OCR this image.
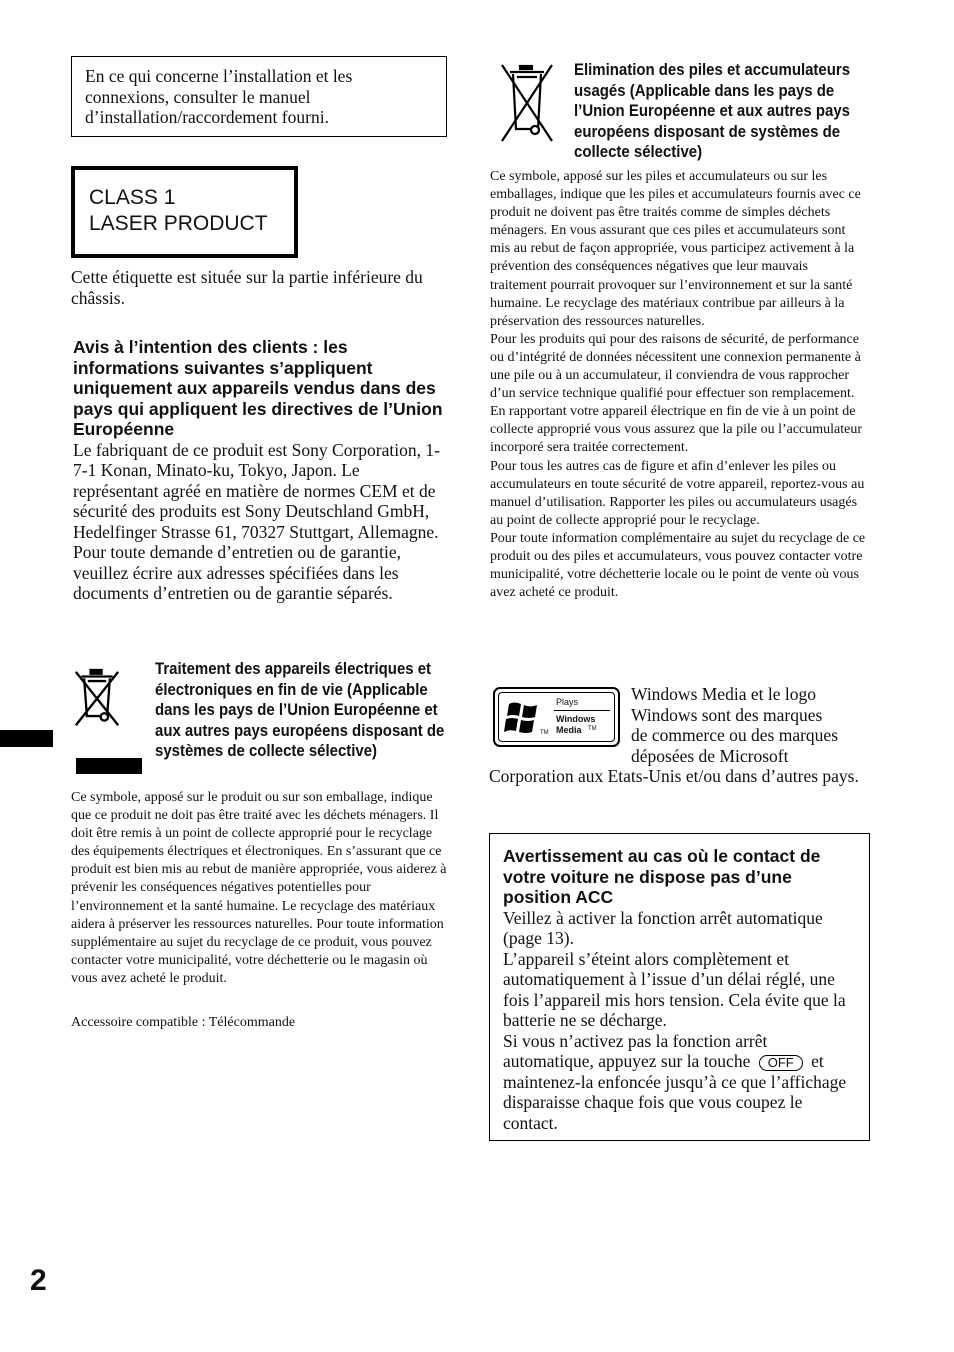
En ce qui concerne l’installation et les connexions, consulter le manuel d’installation/raccordement fourni.

CLASS 1
LASER PRODUCT

Cette étiquette est située sur la partie inférieure du châssis.

Avis à l’intention des clients : les informations suivantes s’appliquent uniquement aux appareils vendus dans des pays qui appliquent les directives de l’Union Européenne

Le fabriquant de ce produit est Sony Corporation, 1-7-1 Konan, Minato-ku, Tokyo, Japon. Le représentant agréé en matière de normes CEM et de sécurité des produits est Sony Deutschland GmbH, Hedelfinger Strasse 61, 70327 Stuttgart, Allemagne. Pour toute demande d’entretien ou de garantie, veuillez écrire aux adresses spécifiées dans les documents d’entretien ou de garantie séparés.

Traitement des appareils électriques et électroniques en fin de vie (Applicable dans les pays de l’Union Européenne et aux autres pays européens disposant de systèmes de collecte sélective)

Ce symbole, apposé sur le produit ou sur son emballage, indique que ce produit ne doit pas être traité avec les déchets ménagers. Il doit être remis à un point de collecte approprié pour le recyclage des équipements électriques et électroniques. En s’assurant que ce produit est bien mis au rebut de manière appropriée, vous aiderez à prévenir les conséquences négatives potentielles pour l’environnement et la santé humaine. Le recyclage des matériaux aidera à préserver les ressources naturelles. Pour toute information supplémentaire au sujet du recyclage de ce produit, vous pouvez contacter votre municipalité, votre déchetterie ou le magasin où vous avez acheté le produit.

Accessoire compatible : Télécommande

Elimination des piles et accumulateurs usagés (Applicable dans les pays de l’Union Européenne et aux autres pays européens disposant de systèmes de collecte sélective)

Ce symbole, apposé sur les piles et accumulateurs ou sur les emballages, indique que les piles et accumulateurs fournis avec ce produit ne doivent pas être traités comme de simples déchets ménagers. En vous assurant que ces piles et accumulateurs sont mis au rebut de façon appropriée, vous participez activement à la prévention des conséquences négatives que leur mauvais traitement pourrait provoquer sur l’environnement et sur la santé humaine. Le recyclage des matériaux contribue par ailleurs à la préservation des ressources naturelles.

Pour les produits qui pour des raisons de sécurité, de performance ou d’intégrité de données nécessitent une connexion permanente à une pile ou à un accumulateur, il conviendra de vous rapprocher d’un service technique qualifié pour effectuer son remplacement. En rapportant votre appareil électrique en fin de vie à un point de collecte approprié vous vous assurez que la pile ou l’accumulateur incorporé sera traitée correctement.

Pour tous les autres cas de figure et afin d’enlever les piles ou accumulateurs en toute sécurité de votre appareil, reportez-vous au manuel d’utilisation. Rapporter les piles ou accumulateurs usagés au point de collecte approprié pour le recyclage.

Pour toute information complémentaire au sujet du recyclage de ce produit ou des piles et accumulateurs, vous pouvez contacter votre municipalité, votre déchetterie locale ou le point de vente où vous avez acheté ce produit.

TM
Plays
Windows
Media TM
Windows Media et le logo
Windows sont des marques
de commerce ou des marques
déposées de Microsoft

Corporation aux Etats-Unis et/ou dans d’autres pays.

Avertissement au cas où le contact de votre voiture ne dispose pas d’une position ACC

Veillez à activer la fonction arrêt automatique (page 13).

L’appareil s’éteint alors complètement et automatiquement à l’issue d’un délai réglé, une fois l’appareil mis hors tension. Cela évite que la batterie ne se décharge.

Si vous n’activez pas la fonction arrêt automatique, appuyez sur la touche OFF et maintenez-la enfoncée jusqu’à ce que l’affichage disparaisse chaque fois que vous coupez le contact.

2
